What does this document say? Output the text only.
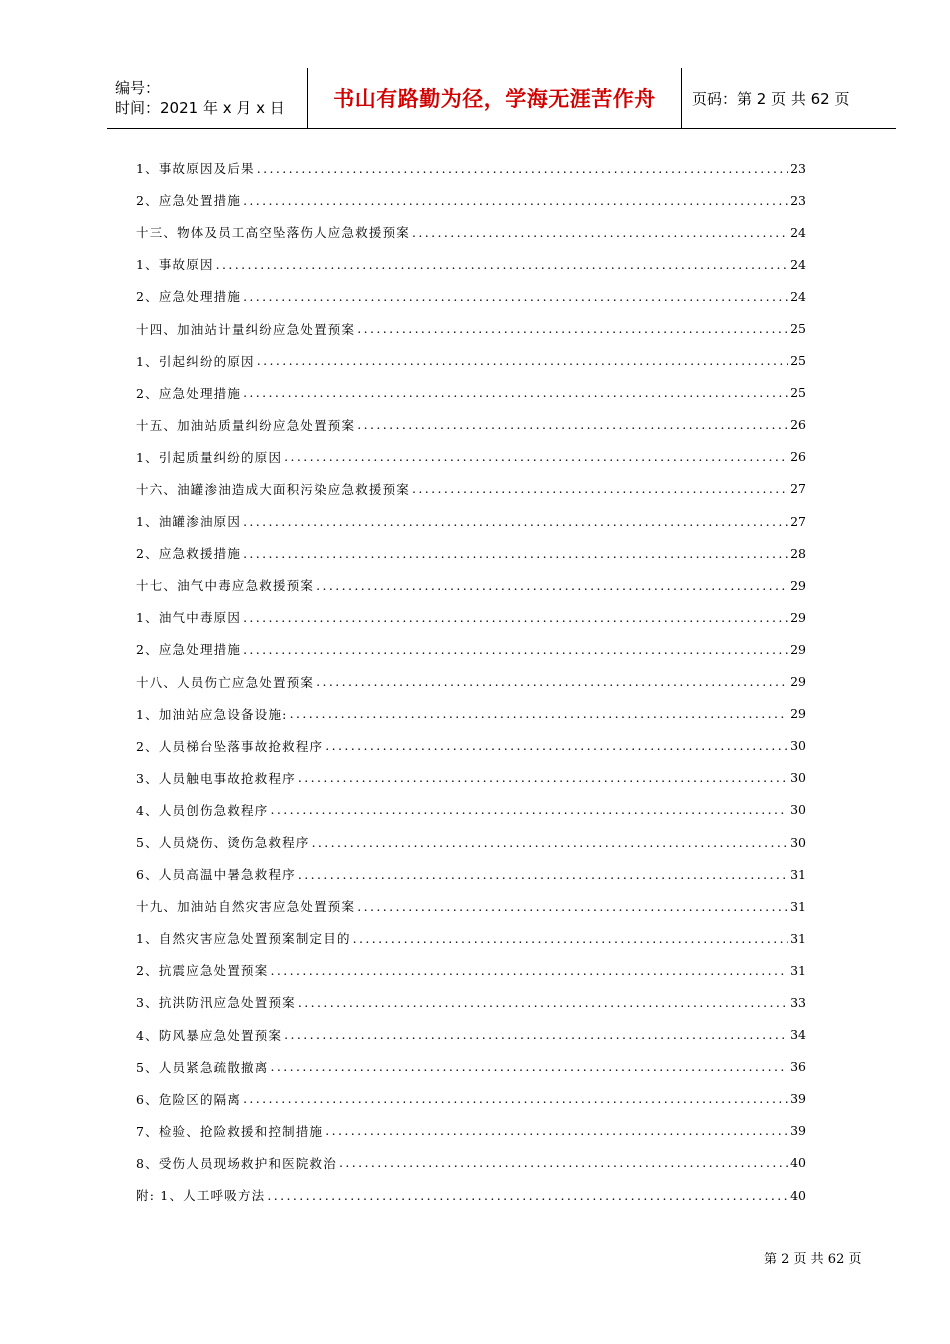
编号：
时间：2021 年 x 月 x 日	书山有路勤为径，学海无涯苦作舟 页码：第 2 页 共 62 页
1、事故原因及后果 .....	23
2、应急处置措施 .....	23
十三、物体及员工高空坠落伤人应急救援预案 .....	24
1、事故原因 .....	24
2、应急处理措施 .....	24
十四、加油站计量纠纷应急处置预案 .....	25
1、引起纠纷的原因 .....	25
2、应急处理措施 .....	25
十五、加油站质量纠纷应急处置预案 .....	26
1、引起质量纠纷的原因 .....	26
十六、油罐渗油造成大面积污染应急救援预案 .....	27
1、油罐渗油原因 .....	27
2、应急救援措施 .....	28
十七、油气中毒应急救援预案 .....	29
1、油气中毒原因 .....	29
2、应急处理措施 .....	29
十八、人员伤亡应急处置预案 .....	29
1、加油站应急设备设施: .....	29
2、人员梯台坠落事故抢救程序 .....	30
3、人员触电事故抢救程序 .....	30
4、人员创伤急救程序 .....	30
5、人员烧伤、烫伤急救程序 .....	30
6、人员高温中暑急救程序 .....	31
十九、加油站自然灾害应急处置预案 .....	31
1、自然灾害应急处置预案制定目的 .....	31
2、抗震应急处置预案 .....	31
3、抗洪防汛应急处置预案 .....	33
4、防风暴应急处置预案 .....	34
5、人员紧急疏散撤离 .....	36
6、危险区的隔离 .....	39
7、检验、抢险救援和控制措施 .....	39
8、受伤人员现场救护和医院救治 .....	40
附: 1、人工呼吸方法 .....	40
第 2 页 共 62 页
